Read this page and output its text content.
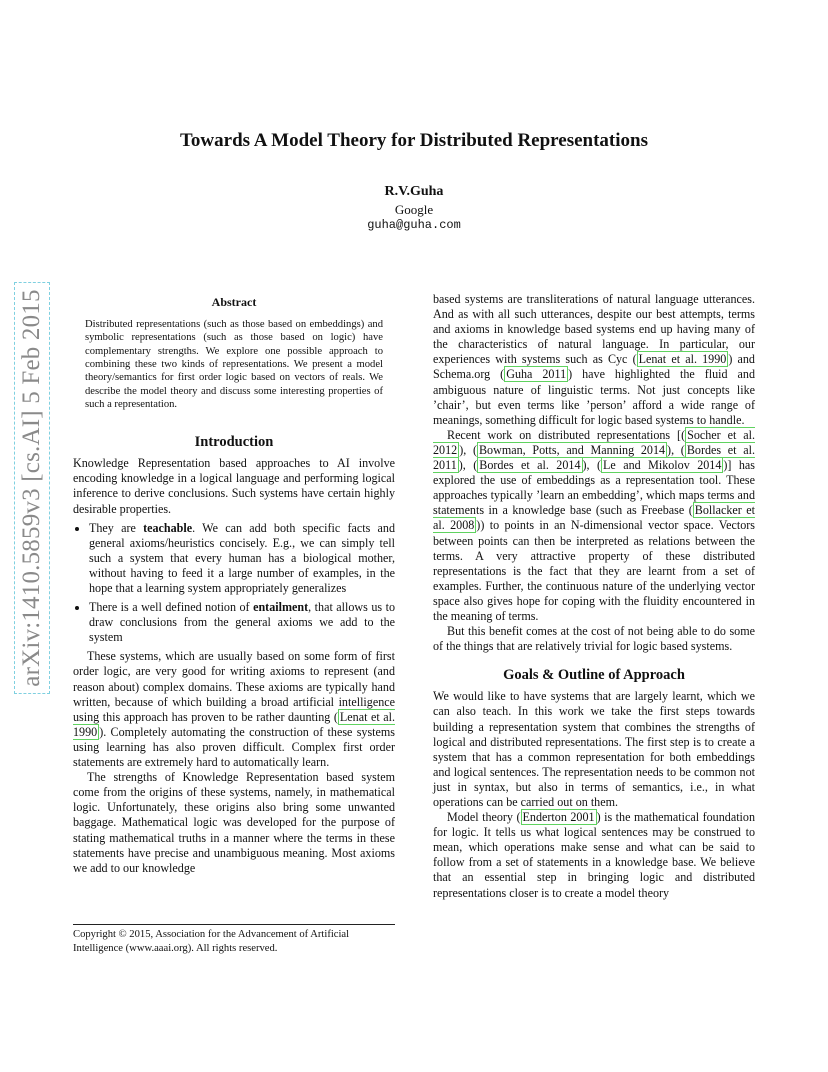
arXiv:1410.5859v3 [cs.AI] 5 Feb 2015
Towards A Model Theory for Distributed Representations
R.V.Guha
Google
guha@guha.com
Abstract
Distributed representations (such as those based on embeddings) and symbolic representations (such as those based on logic) have complementary strengths. We explore one possible approach to combining these two kinds of representations. We present a model theory/semantics for first order logic based on vectors of reals. We describe the model theory and discuss some interesting properties of such a representation.
Introduction

Knowledge Representation based approaches to AI involve encoding knowledge in a logical language and performing logical inference to derive conclusions. Such systems have certain highly desirable properties.

• They are teachable. We can add both specific facts and general axioms/heuristics concisely. E.g., we can simply tell such a system that every human has a biological mother, without having to feed it a large number of examples, in the hope that a learning system appropriately generalizes
• There is a well defined notion of entailment, that allows us to draw conclusions from the general axioms we add to the system

These systems, which are usually based on some form of first order logic, are very good for writing axioms to represent (and reason about) complex domains. These axioms are typically hand written, because of which building a broad artificial intelligence using this approach has proven to be rather daunting ( Lenat et al. 1990 ). Completely automating the construction of these systems using learning has also proven difficult. Complex first order statements are extremely hard to automatically learn.

The strengths of Knowledge Representation based system come from the origins of these systems, namely, in mathematical logic. Unfortunately, these origins also bring some unwanted baggage. Mathematical logic was developed for the purpose of stating mathematical truths in a manner where the terms in these statements have precise and unambiguous meaning. Most axioms we add to our knowledge

Copyright © 2015, Association for the Advancement of Artificial Intelligence (www.aaai.org). All rights reserved.

based systems are transliterations of natural language utterances. And as with all such utterances, despite our best attempts, terms and axioms in knowledge based systems end up having many of the characteristics of natural language. In particular, our experiences with systems such as Cyc ( Lenat et al. 1990 ) and Schema.org ( Guha 2011 ) have highlighted the fluid and ambiguous nature of linguistic terms. Not just concepts like ’chair’, but even terms like ’person’ afford a wide range of meanings, something difficult for logic based systems to handle.

Recent work on distributed representations [( Socher et al. 2012 ), ( Bowman, Potts, and Manning 2014 ), ( Bordes et al. 2011 ), ( Bordes et al. 2014 ), ( Le and Mikolov 2014 )] has explored the use of embeddings as a representation tool. These approaches typically ’learn an embedding’, which maps terms and statements in a knowledge base (such as Freebase ( Bollacker et al. 2008 )) to points in an N-dimensional vector space. Vectors between points can then be interpreted as relations between the terms. A very attractive property of these distributed representations is the fact that they are learnt from a set of examples. Further, the continuous nature of the underlying vector space also gives hope for coping with the fluidity encountered in the meaning of terms.

But this benefit comes at the cost of not being able to do some of the things that are relatively trivial for logic based systems.

Goals & Outline of Approach

We would like to have systems that are largely learnt, which we can also teach. In this work we take the first steps towards building a representation system that combines the strengths of logical and distributed representations. The first step is to create a system that has a common representation for both embeddings and logical sentences. The representation needs to be common not just in syntax, but also in terms of semantics, i.e., in what operations can be carried out on them.

Model theory ( Enderton 2001 ) is the mathematical foundation for logic. It tells us what logical sentences may be construed to mean, which operations make sense and what can be said to follow from a set of statements in a knowledge base. We believe that an essential step in bringing logic and distributed representations closer is to create a model theory
